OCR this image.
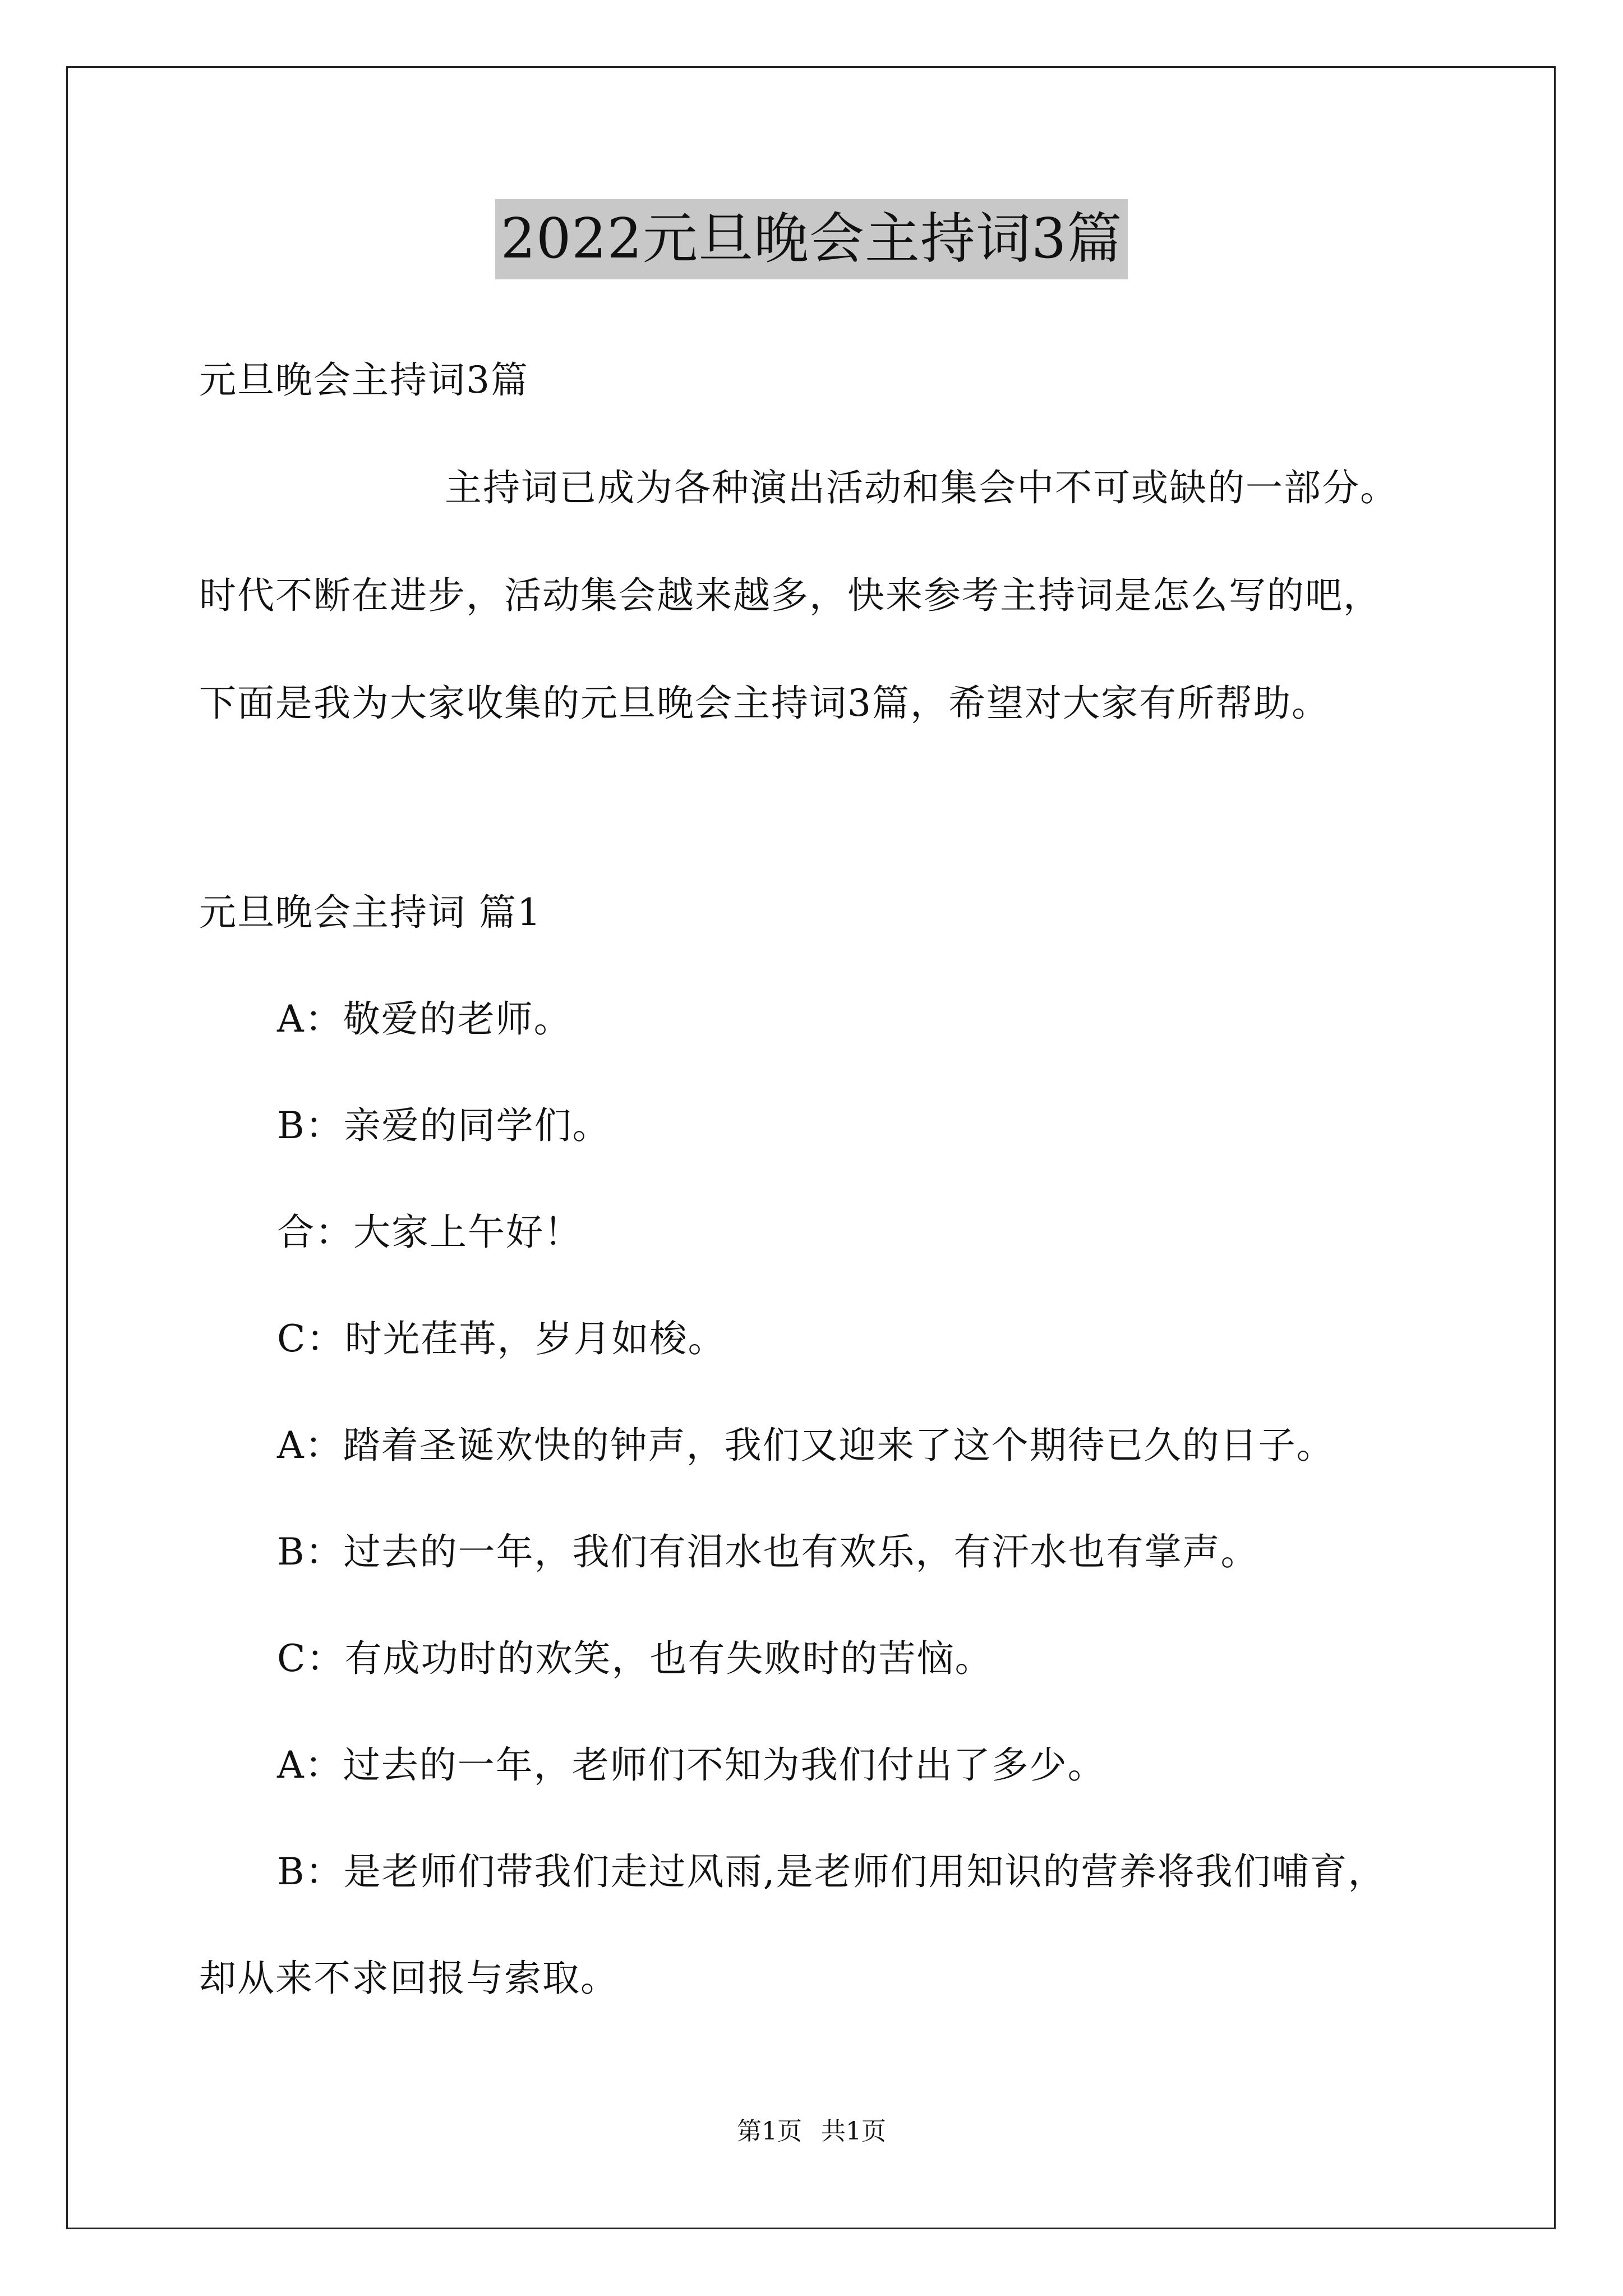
2022元旦晚会主持词3篇
元旦晚会主持词3篇
主持词已成为各种演出活动和集会中不可或缺的一部分。
时代不断在进步，活动集会越来越多，快来参考主持词是怎么写的吧，
下面是我为大家收集的元旦晚会主持词3篇，希望对大家有所帮助。
元旦晚会主持词 篇1
A：敬爱的老师。
B：亲爱的同学们。
合：大家上午好！
C：时光荏苒，岁月如梭。
A：踏着圣诞欢快的钟声，我们又迎来了这个期待已久的日子。
B：过去的一年，我们有泪水也有欢乐，有汗水也有掌声。
C：有成功时的欢笑，也有失败时的苦恼。
A：过去的一年，老师们不知为我们付出了多少。
B：是老师们带我们走过风雨,是老师们用知识的营养将我们哺育，
却从来不求回报与索取。
第1页 共1页
